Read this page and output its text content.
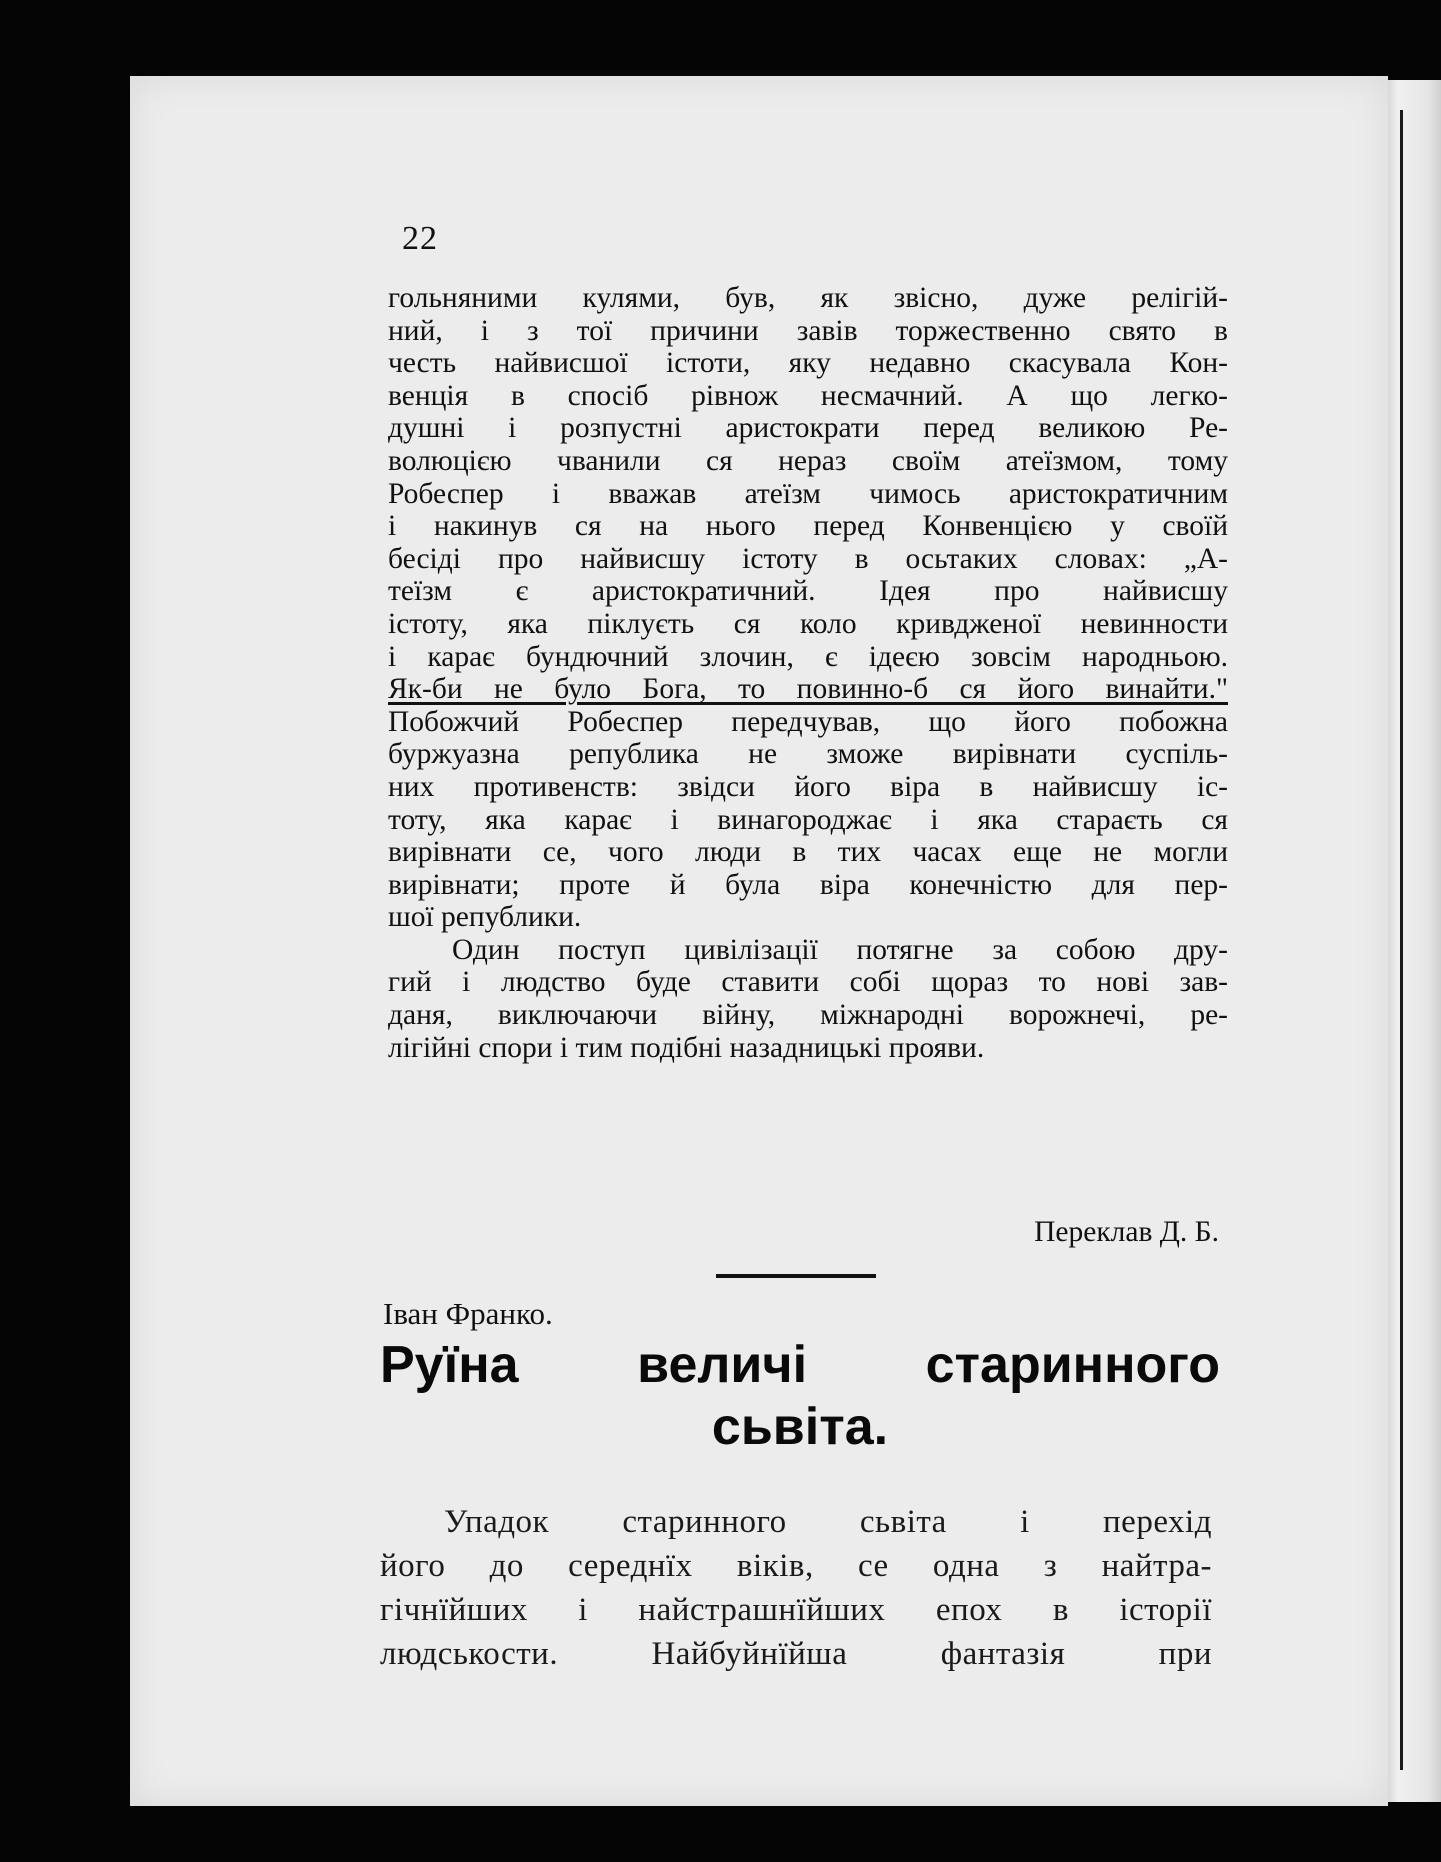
22
гольняними кулями, був, як звісно, дуже релігій-
ний, і з тої причини завів торжественно свято в
честь найвисшої істоти, яку недавно скасувала Кон-
венція в спосіб рівнож несмачний. А що легко-
душні і розпустні аристократи перед великою Ре-
волюцією чванили ся нераз своїм атеїзмом, тому
Робеспер і вважав атеїзм чимось аристократичним
і накинув ся на нього перед Конвенцією у своїй
бесіді про найвисшу істоту в осьтаких словах: „А-
теїзм є аристократичний. Ідея про найвисшу
істоту, яка піклуєть ся коло кривдженої невинности
і карає бундючний злочин, є ідеєю зовсім народньою.
Як-би не було Бога, то повинно-б ся його винайти."
Побожчий Робеспер передчував, що його побожна
буржуазна република не зможе вирівнати суспіль-
них противенств: звідси його віра в найвисшу іс-
тоту, яка карає і винагороджає і яка стараєть ся
вирівнати се, чого люди в тих часах еще не могли
вирівнати; проте й була віра конечністю для пер-
шої републики.
Один поступ цивілізації потягне за собою дру-
гий і людство буде ставити собі щораз то нові зав-
даня, виключаючи війну, міжнародні ворожнечі, ре-
лігійні спори і тим подібні назадницькі прояви.
Переклав Д. Б.
Іван Франко.
Руїна величі старинного
сьвіта.
Упадок старинного сьвіта і перехід
його до середнїх віків, се одна з найтра-
гічнїйших і найстрашнїйших епох в історії
людськости. Найбуйнїйша фантазія при
